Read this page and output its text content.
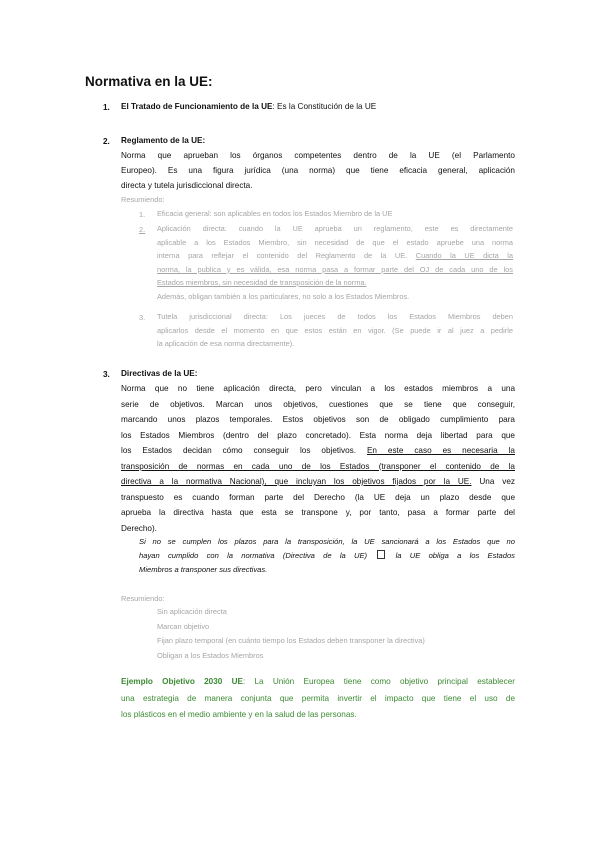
Normativa en la UE:
1. El Tratado de Funcionamiento de la UE: Es la Constitución de la UE
2. Reglamento de la UE:
Norma que aprueban los órganos competentes dentro de la UE (el Parlamento
Europeo). Es una figura jurídica (una norma) que tiene eficacia general, aplicación
directa y tutela jurisdiccional directa.
Resumiendo:
1. Eficacia general: son aplicables en todos los Estados Miembro de la UE
2. Aplicación directa: cuando la UE aprueba un reglamento, este es directamente
aplicable a los Estados Miembro, sin necesidad de que el estado apruebe una norma
interna para reflejar el contenido del Reglamento de la UE. Cuando la UE dicta la
norma, la publica y es válida, esa norma pasa a formar parte del OJ de cada uno de los
Estados miembros, sin necesidad de transposición de la norma.
Además, obligan también a los particulares, no solo a los Estados Miembros.
3. Tutela jurisdiccional directa: Los jueces de todos los Estados Miembros deben
aplicarlos desde el momento en que estos están en vigor. (Se puede ir al juez a pedirle
la aplicación de esa norma directamente).
3. Directivas de la UE:
Norma que no tiene aplicación directa, pero vinculan a los estados miembros a una
serie de objetivos. Marcan unos objetivos, cuestiones que se tiene que conseguir,
marcando unos plazos temporales. Estos objetivos son de obligado cumplimiento para
los Estados Miembros (dentro del plazo concretado). Esta norma deja libertad para que
los Estados decidan cómo conseguir los objetivos. En este caso es necesaria la
transposición de normas en cada uno de los Estados (transponer el contenido de la
directiva a la normativa Nacional), que incluyan los objetivos fijados por la UE. Una vez
transpuesto es cuando forman parte del Derecho (la UE deja un plazo desde que
aprueba la directiva hasta que esta se transpone y, por tanto, pasa a formar parte del
Derecho).
Si no se cumplen los plazos para la transposición, la UE sancionará a los Estados que no
hayan cumplido con la normativa (Directiva de la UE)	la UE obliga a los Estados
Miembros a transponer sus directivas.
Resumiendo:
Sin aplicación directa
Marcan objetivo
Fijan plazo temporal (en cuánto tiempo los Estados deben transponer la directiva)
Obligan a los Estados Miembros
Ejemplo Objetivo 2030 UE: La Unión Europea tiene como objetivo principal establecer
una estrategia de manera conjunta que permita invertir el impacto que tiene el uso de
los plásticos en el medio ambiente y en la salud de las personas.
